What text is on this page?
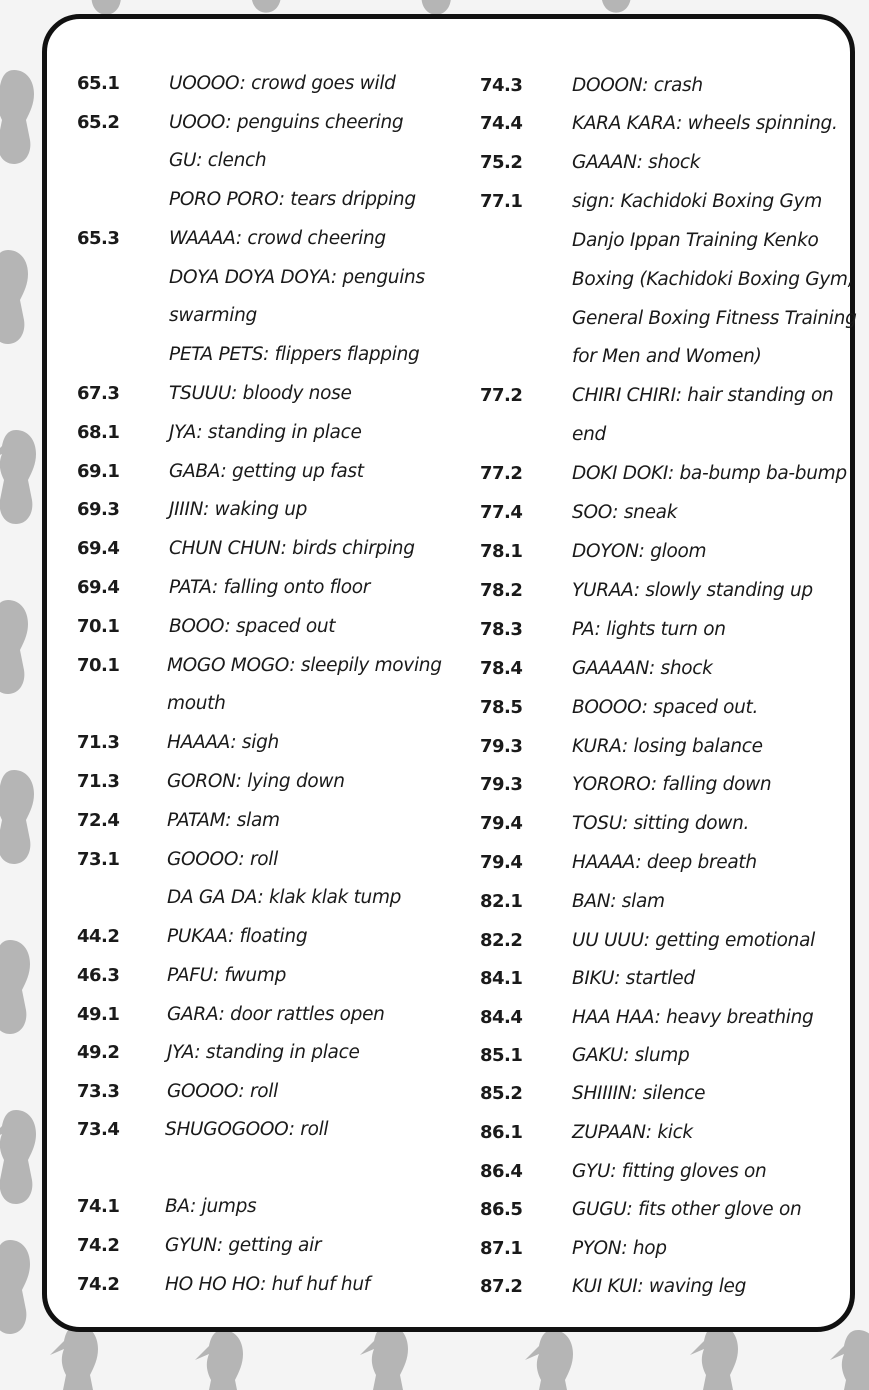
65.1	UOOOO: crowd goes wild
65.2	UOOO: penguins cheering
GU: clench
PORO PORO: tears dripping
65.3	WAAAA: crowd cheering
DOYA DOYA DOYA: penguins
swarming
PETA PETS: flippers flapping
67.3	TSUUU: bloody nose
68.1	JYA: standing in place
69.1	GABA: getting up fast
69.3	JIIIN: waking up
69.4	CHUN CHUN: birds chirping
69.4	PATA: falling onto floor
70.1	BOOO: spaced out
70.1	MOGO MOGO: sleepily moving
mouth
71.3	HAAAA: sigh
71.3	GORON: lying down
72.4	PATAM: slam
73.1	GOOOO: roll
DA GA DA: klak klak tump
44.2	PUKAA: floating
46.3	PAFU: fwump
49.1	GARA: door rattles open
49.2	JYA: standing in place
73.3	GOOOO: roll
73.4 SHUGOGOOO: roll
74.1 BA: jumps
74.2 GYUN: getting air
74.2 HO HO HO: huf huf huf
74.3	DOOON: crash
74.4	KARA KARA: wheels spinning.
75.2	GAAAN: shock
77.1	sign: Kachidoki Boxing Gym
Danjo Ippan Training Kenko
Boxing (Kachidoki Boxing Gym,
General Boxing Fitness Training
for Men and Women)
77.2	CHIRI CHIRI: hair standing on
end
77.2	DOKI DOKI: ba-bump ba-bump
77.4	SOO: sneak
78.1	DOYON: gloom
78.2	YURAA: slowly standing up
78.3	PA: lights turn on
78.4	GAAAAN: shock
78.5	BOOOO: spaced out.
79.3	KURA: losing balance
79.3	YORORO: falling down
79.4	TOSU: sitting down.
79.4	HAAAA: deep breath
82.1	BAN: slam
82.2	UU UUU: getting emotional
84.1	BIKU: startled
84.4	HAA HAA: heavy breathing
85.1	GAKU: slump
85.2	SHIIIIN: silence
86.1	ZUPAAN: kick
86.4	GYU: fitting gloves on
86.5	GUGU: fits other glove on
87.1	PYON: hop
87.2	KUI KUI: waving leg
